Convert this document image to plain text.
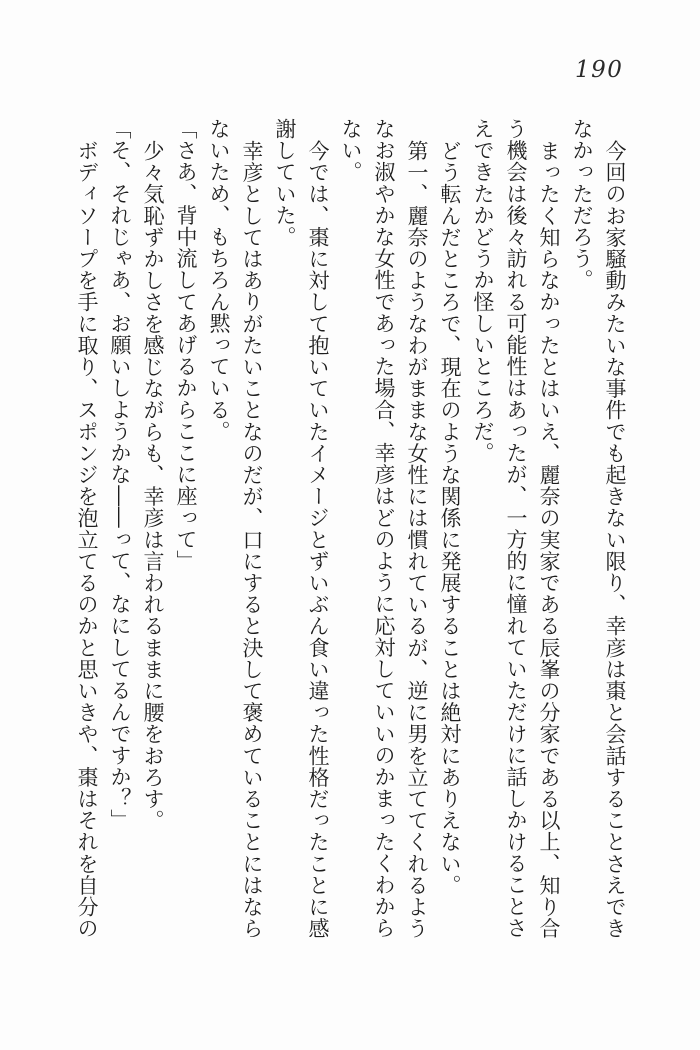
190

今回のお家騒動みたいな事件でも起きない限り、幸彦は棗と会話することさえでき

なかっただろう。

まったく知らなかったとはいえ、麗奈の実家である辰峯の分家である以上、知り合

う機会は後々訪れる可能性はあったが、一方的に憧れていただけに話しかけることさ

えできたかどうか怪しいところだ。

どう転んだところで、現在のような関係に発展することは絶対にありえない。

第一、麗奈のようなわがままな女性には慣れているが、逆に男を立ててくれるよう

なお淑やかな女性であった場合、幸彦はどのように応対していいのかまったくわから

ない。

今では、棗に対して抱いていたイメージとずいぶん食い違った性格だったことに感

謝していた。

幸彦としてはありがたいことなのだが、口にすると決して褒めていることにはなら

ないため、もちろん黙っている。

「さあ、背中流してあげるからここに座って」

少々気恥ずかしさを感じながらも、幸彦は言われるままに腰をおろす。

「そ、それじゃあ、お願いしようかな――って、なにしてるんですか？」

ボディソープを手に取り、スポンジを泡立てるのかと思いきや、棗はそれを自分の
